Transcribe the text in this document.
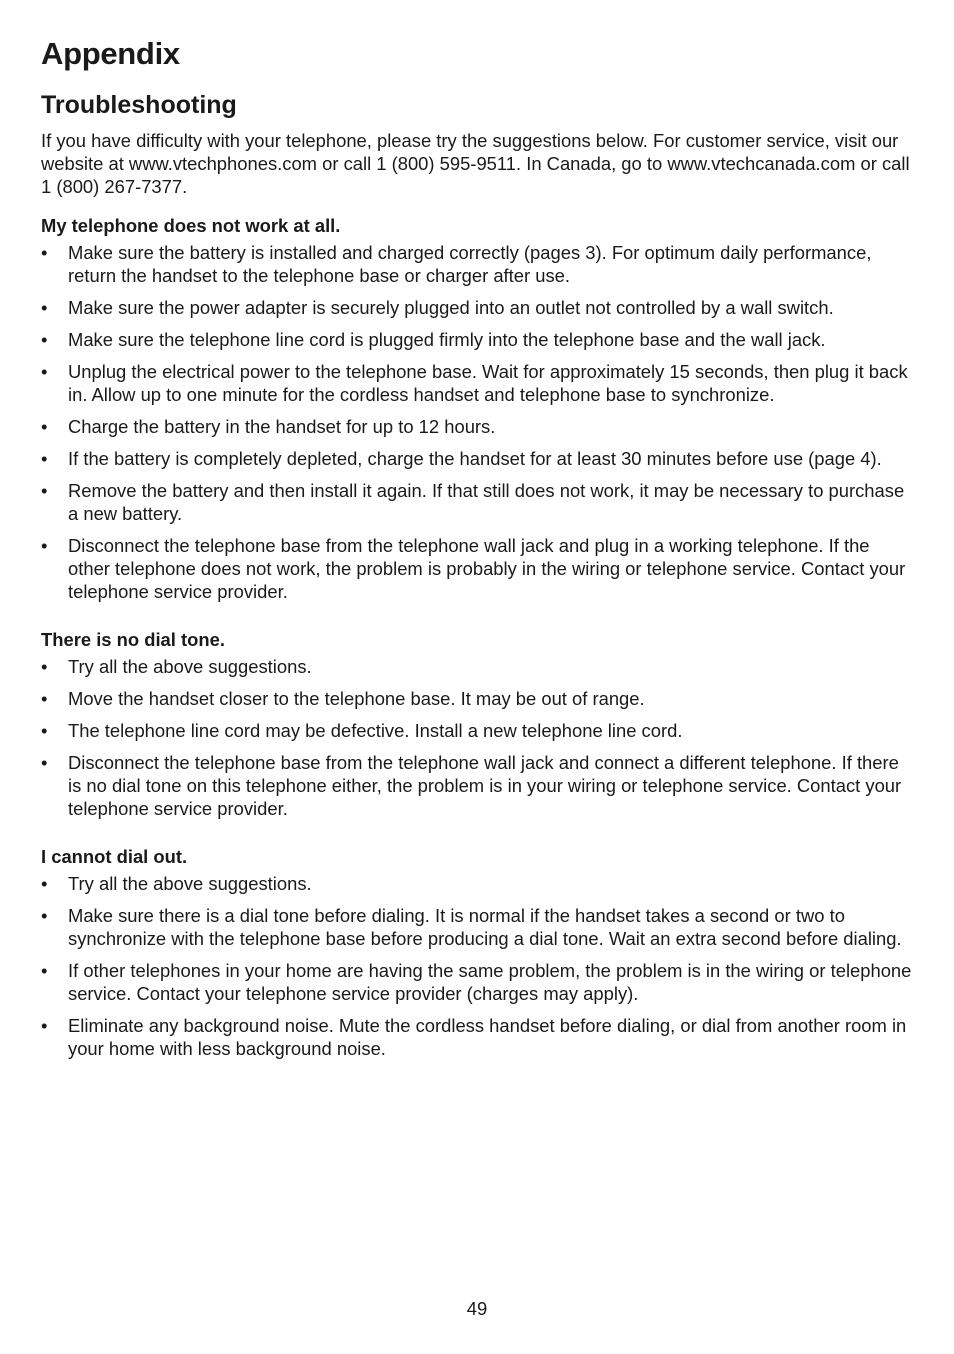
Appendix
Troubleshooting

If you have difficulty with your telephone, please try the suggestions below. For customer service, visit our website at www.vtechphones.com or call 1 (800) 595-9511. In Canada, go to www.vtechcanada.com or call 1 (800) 267-7377.

My telephone does not work at all.
• Make sure the battery is installed and charged correctly (pages 3). For optimum daily performance, return the handset to the telephone base or charger after use.
• Make sure the power adapter is securely plugged into an outlet not controlled by a wall switch.
• Make sure the telephone line cord is plugged firmly into the telephone base and the wall jack.
• Unplug the electrical power to the telephone base. Wait for approximately 15 seconds, then plug it back in. Allow up to one minute for the cordless handset and telephone base to synchronize.
• Charge the battery in the handset for up to 12 hours.
• If the battery is completely depleted, charge the handset for at least 30 minutes before use (page 4).
• Remove the battery and then install it again. If that still does not work, it may be necessary to purchase a new battery.
• Disconnect the telephone base from the telephone wall jack and plug in a working telephone. If the other telephone does not work, the problem is probably in the wiring or telephone service. Contact your telephone service provider.
There is no dial tone.
• Try all the above suggestions.
• Move the handset closer to the telephone base. It may be out of range.
• The telephone line cord may be defective. Install a new telephone line cord.
• Disconnect the telephone base from the telephone wall jack and connect a different telephone. If there is no dial tone on this telephone either, the problem is in your wiring or telephone service. Contact your telephone service provider.
I cannot dial out.
• Try all the above suggestions.
• Make sure there is a dial tone before dialing. It is normal if the handset takes a second or two to synchronize with the telephone base before producing a dial tone. Wait an extra second before dialing.
• If other telephones in your home are having the same problem, the problem is in the wiring or telephone service. Contact your telephone service provider (charges may apply).
• Eliminate any background noise. Mute the cordless handset before dialing, or dial from another room in your home with less background noise.
49
